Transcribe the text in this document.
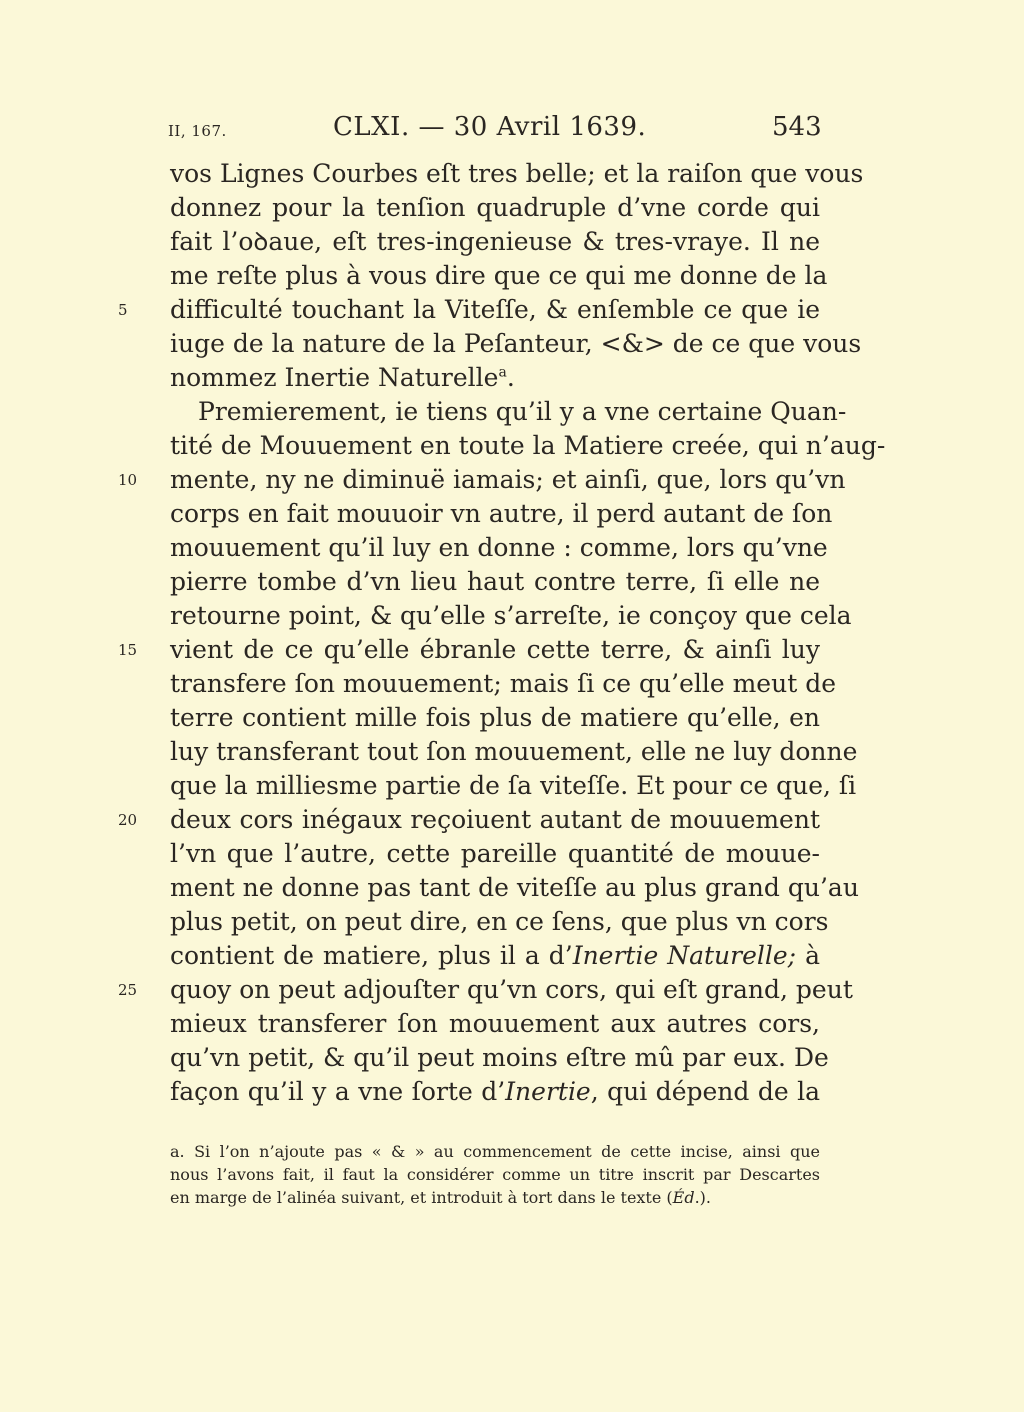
II, 167.	CLXI. — 30 Avril 1639.	543
vos Lignes Courbes eſt tres belle; et la raiſon que vous
donnez pour la tenſion quadruple d’vne corde qui
fait l’oꝺaue, eſt tres-ingenieuse & tres-vraye. Il ne
me reſte plus à vous dire que ce qui me donne de la
difficulté touchant la Viteſſe, & enſemble ce que ie
5
iuge de la nature de la Peſanteur, <&> de ce que vous
nommez Inertie Naturelle$^a$.
Premierement, ie tiens qu’il y a vne certaine Quan-
tité de Mouuement en toute la Matiere creée, qui n’aug-
mente, ny ne diminuë iamais; et ainſi, que, lors qu’vn
10
corps en fait mouuoir vn autre, il perd autant de ſon
mouuement qu’il luy en donne : comme, lors qu’vne
pierre tombe d’vn lieu haut contre terre, ſi elle ne
retourne point, & qu’elle s’arreſte, ie conçoy que cela
vient de ce qu’elle ébranle cette terre, & ainſi luy
15
transfere ſon mouuement; mais ſi ce qu’elle meut de
terre contient mille fois plus de matiere qu’elle, en
luy transferant tout ſon mouuement, elle ne luy donne
que la milliesme partie de ſa viteſſe. Et pour ce que, ſi
deux cors inégaux reçoiuent autant de mouuement
20
l’vn que l’autre, cette pareille quantité de mouue-
ment ne donne pas tant de viteſſe au plus grand qu’au
plus petit, on peut dire, en ce ſens, que plus vn cors
contient de matiere, plus il a d’Inertie Naturelle; à
quoy on peut adjouſter qu’vn cors, qui eſt grand, peut
25
mieux transferer ſon mouuement aux autres cors,
qu’vn petit, & qu’il peut moins eſtre mû par eux. De
façon qu’il y a vne ſorte d’Inertie, qui dépend de la
a. Si l’on n’ajoute pas « & » au commencement de cette incise, ainsi que
nous l’avons fait, il faut la considérer comme un titre inscrit par Descartes
en marge de l’alinéa suivant, et introduit à tort dans le texte (Éd.).
